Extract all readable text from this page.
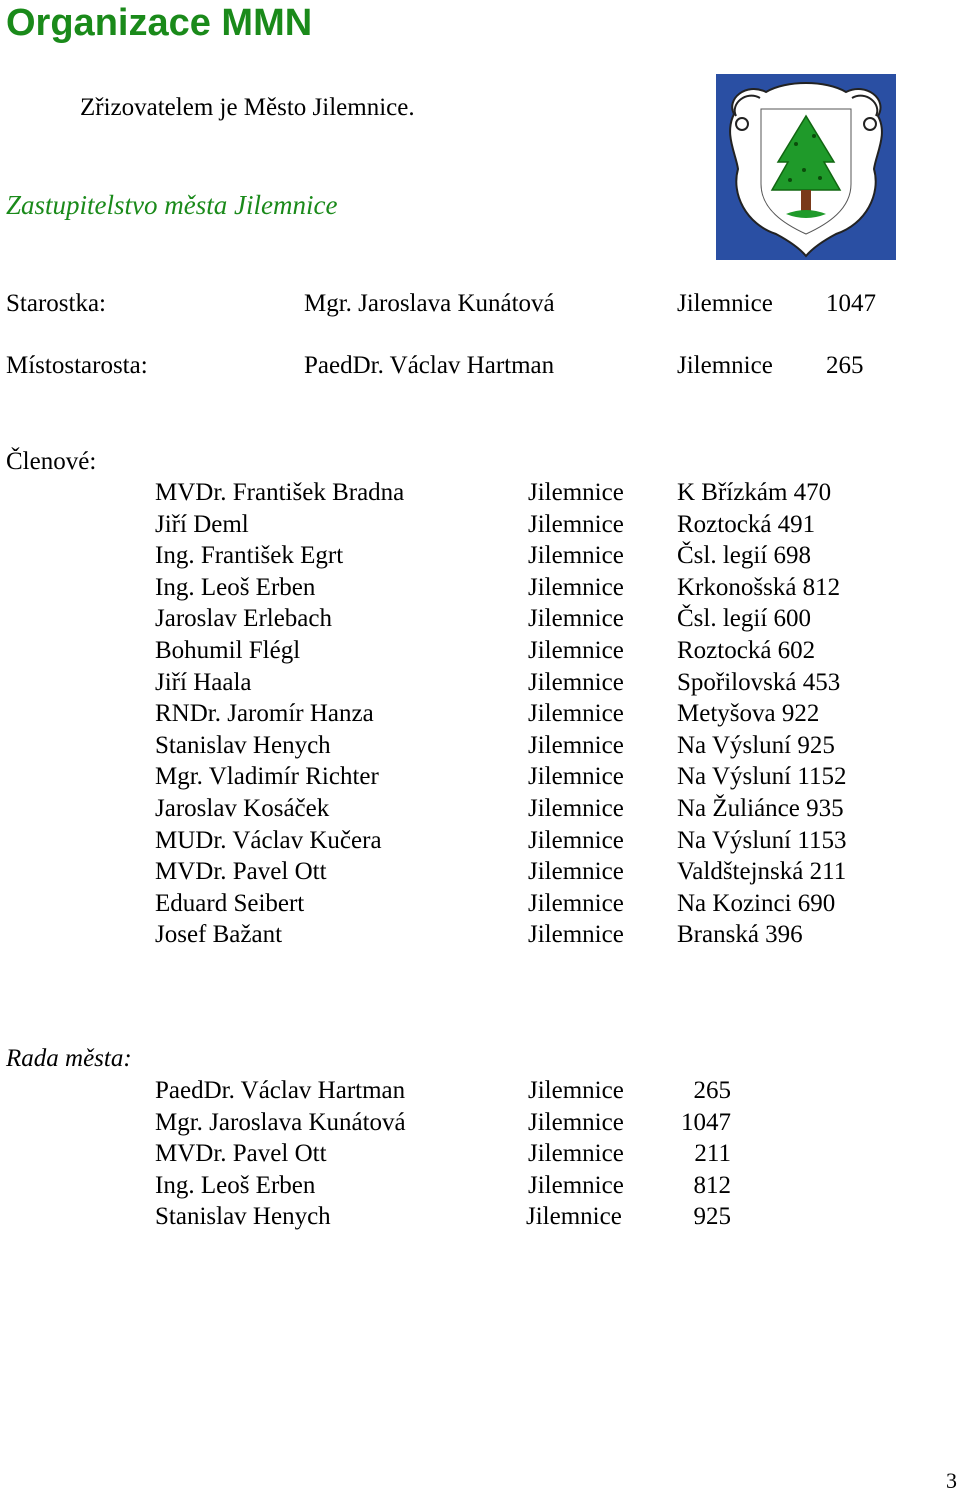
Organizace MMN
Zřizovatelem je Město Jilemnice.
Zastupitelstvo města Jilemnice
Starostka:	Mgr. Jaroslava Kunátová	Jilemnice 1047
Místostarosta:	PaedDr. Václav Hartman	Jilemnice 265
Členové:
MVDr. František Bradna	Jilemnice K Břízkám 470
Jiří Deml	Jilemnice Roztocká 491
Ing. František Egrt	Jilemnice Čsl. legií 698
Ing. Leoš Erben	Jilemnice Krkonošská 812
Jaroslav Erlebach	Jilemnice Čsl. legií 600
Bohumil Flégl	Jilemnice Roztocká 602
Jiří Haala	Jilemnice Spořilovská 453
RNDr. Jaromír Hanza	Jilemnice Metyšova 922
Stanislav Henych	Jilemnice Na Výsluní 925
Mgr. Vladimír Richter	Jilemnice Na Výsluní 1152
Jaroslav Kosáček	Jilemnice Na Žuliánce 935
MUDr. Václav Kučera	Jilemnice Na Výsluní 1153
MVDr. Pavel Ott	Jilemnice Valdštejnská 211
Eduard Seibert	Jilemnice Na Kozinci 690
Josef Bažant	Jilemnice Branská 396
Rada města:
PaedDr. Václav Hartman	Jilemnice	265
Mgr. Jaroslava Kunátová	Jilemnice	1047
MVDr. Pavel Ott	Jilemnice	211
Ing. Leoš Erben	Jilemnice	812
Stanislav Henych	Jilemnice	925
3
